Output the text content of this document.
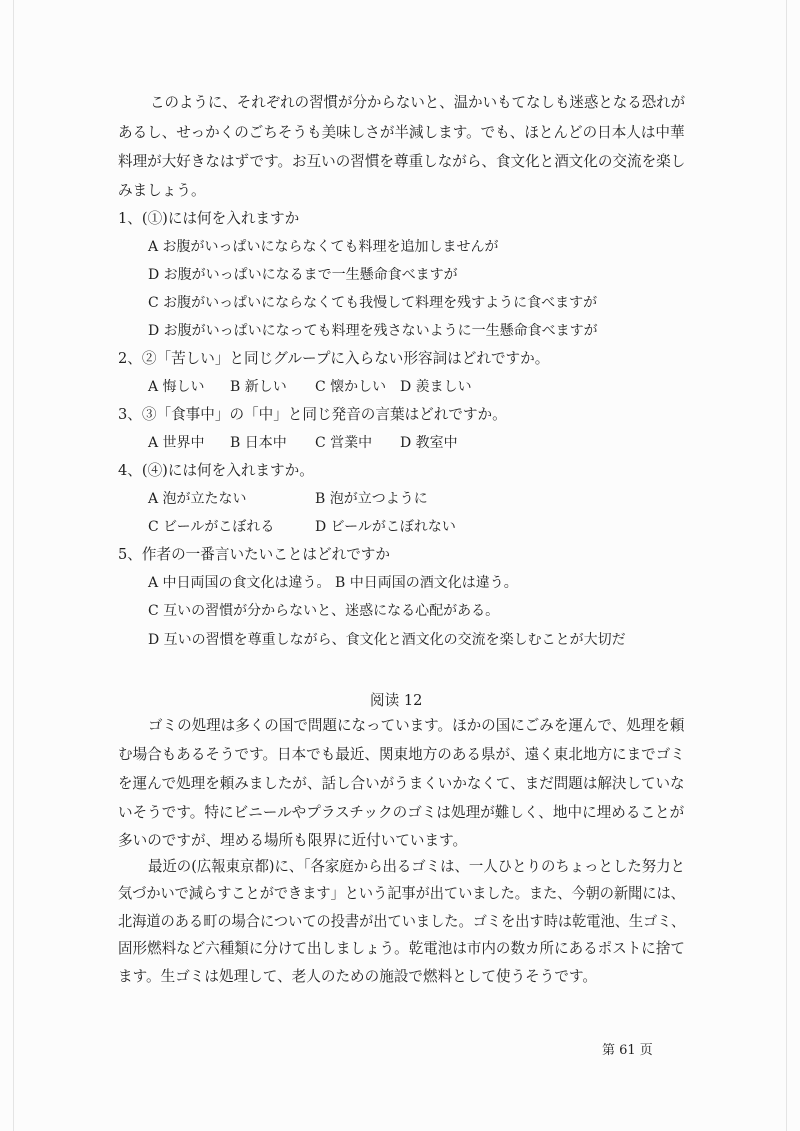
このように、それぞれの習慣が分からないと、温かいもてなしも迷惑となる恐れが
あるし、せっかくのごちそうも美味しさが半減します。でも、ほとんどの日本人は中華
料理が大好きなはずです。お互いの習慣を尊重しながら、食文化と酒文化の交流を楽し
みましょう。
1、(①)には何を入れますか
A お腹がいっぱいにならなくても料理を追加しませんが
D お腹がいっぱいになるまで一生懸命食べますが
C お腹がいっぱいにならなくても我慢して料理を残すように食べますが
D お腹がいっぱいになっても料理を残さないように一生懸命食べますが
2、②「苦しい」と同じグループに入らない形容詞はどれですか。
A 悔しい B 新しい C 懐かしい D 羨ましい
3、③「食事中」の「中」と同じ発音の言葉はどれですか。
A 世界中 B 日本中 C 営業中 D 教室中
4、(④)には何を入れますか。
A 泡が立たない	B 泡が立つように
C ビールがこぼれる	D ビールがこぼれない
5、作者の一番言いたいことはどれですか
A 中日両国の食文化は違う。 B 中日両国の酒文化は違う。
C 互いの習慣が分からないと、迷惑になる心配がある。
D 互いの習慣を尊重しながら、食文化と酒文化の交流を楽しむことが大切だ
阅读 12
ゴミの処理は多くの国で問題になっています。ほかの国にごみを運んで、処理を頼
む場合もあるそうです。日本でも最近、関東地方のある県が、遠く東北地方にまでゴミ
を運んで処理を頼みましたが、話し合いがうまくいかなくて、まだ問題は解決していな
いそうです。特にビニールやプラスチックのゴミは処理が難しく、地中に埋めることが
多いのですが、埋める場所も限界に近付いています。
最近の(広報東京都)に、「各家庭から出るゴミは、一人ひとりのちょっとした努力と
気づかいで減らすことができます」という記事が出ていました。また、今朝の新聞には、
北海道のある町の場合についての投書が出ていました。ゴミを出す時は乾電池、生ゴミ、
固形燃料など六種類に分けて出しましょう。乾電池は市内の数カ所にあるポストに捨て
ます。生ゴミは処理して、老人のための施設で燃料として使うそうです。
第 61 页
